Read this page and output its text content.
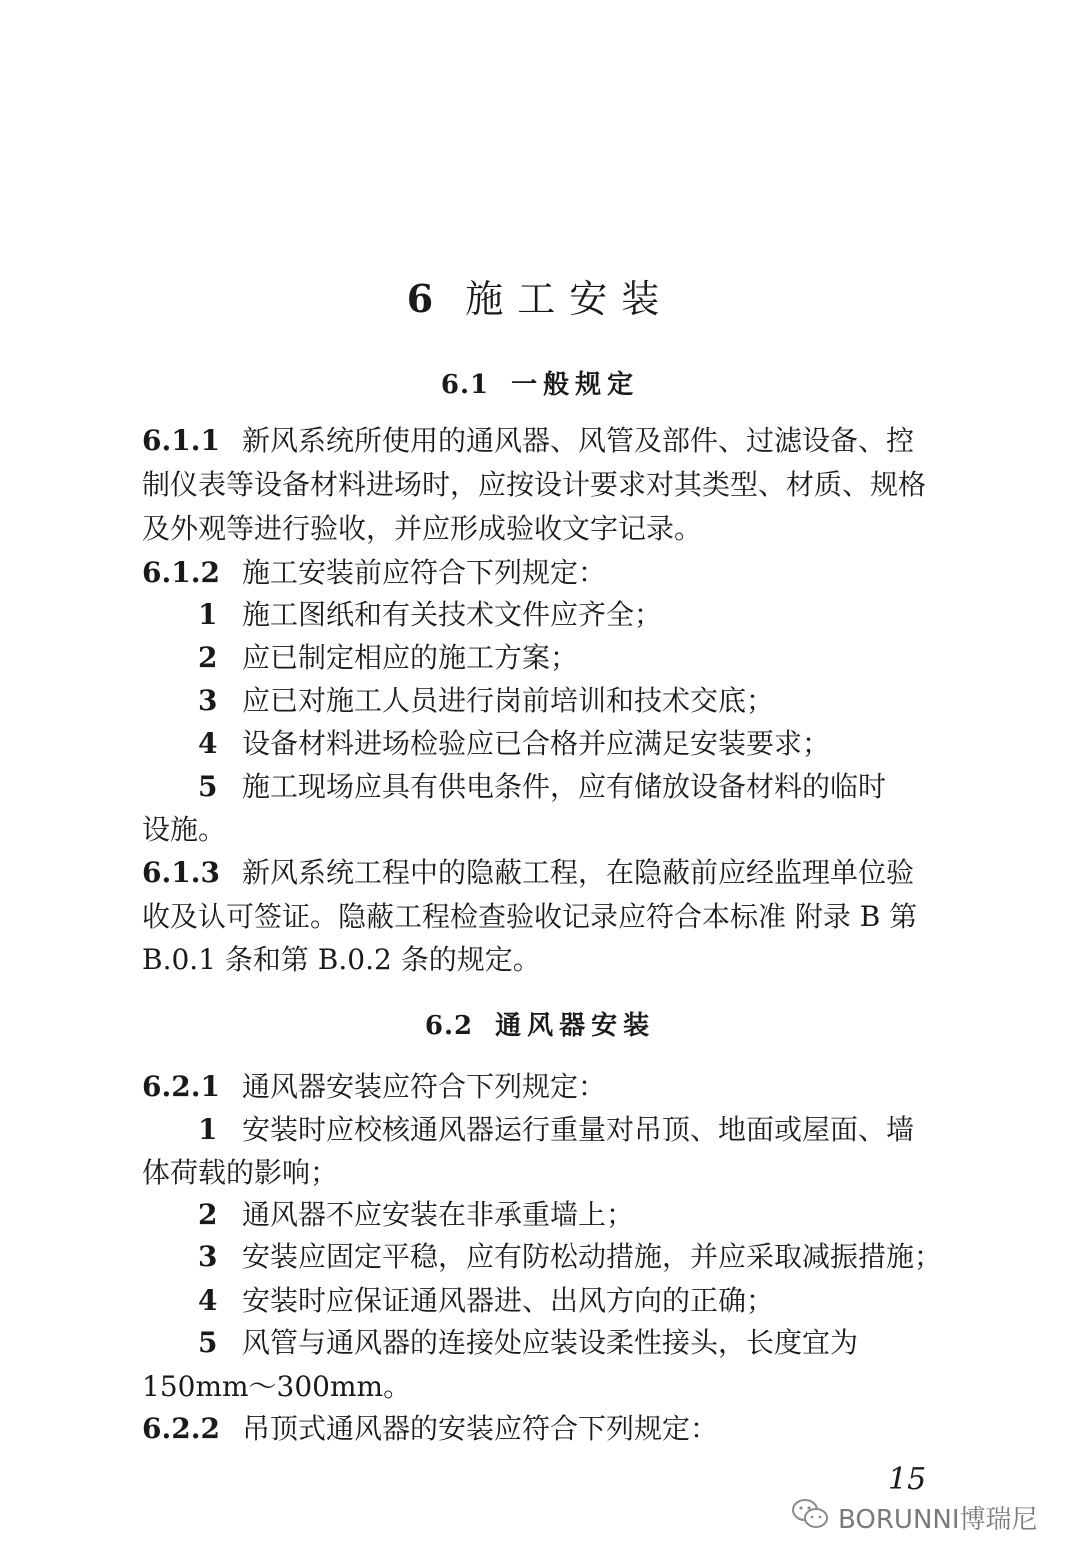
6 施工安装
6.1 一般规定
6.2 通风器安装
6.1.1 新风系统所使用的通风器、风管及部件、过滤设备、控
制仪表等设备材料进场时，应按设计要求对其类型、材质、规格
及外观等进行验收，并应形成验收文字记录。
6.1.2 施工安装前应符合下列规定：
1 施工图纸和有关技术文件应齐全；
2 应已制定相应的施工方案；
3 应已对施工人员进行岗前培训和技术交底；
4 设备材料进场检验应已合格并应满足安装要求；
5 施工现场应具有供电条件，应有储放设备材料的临时
设施。
6.1.3 新风系统工程中的隐蔽工程，在隐蔽前应经监理单位验
收及认可签证。隐蔽工程检查验收记录应符合本标准 附录 B 第
B.0.1 条和第 B.0.2 条的规定。
6.2.1 通风器安装应符合下列规定：
1 安装时应校核通风器运行重量对吊顶、地面或屋面、墙
体荷载的影响；
2 通风器不应安装在非承重墙上；
3 安装应固定平稳，应有防松动措施，并应采取减振措施；
4 安装时应保证通风器进、出风方向的正确；
5 风管与通风器的连接处应装设柔性接头，长度宜为
150mm～300mm。
6.2.2 吊顶式通风器的安装应符合下列规定：
15
BORUNNI博瑞尼
